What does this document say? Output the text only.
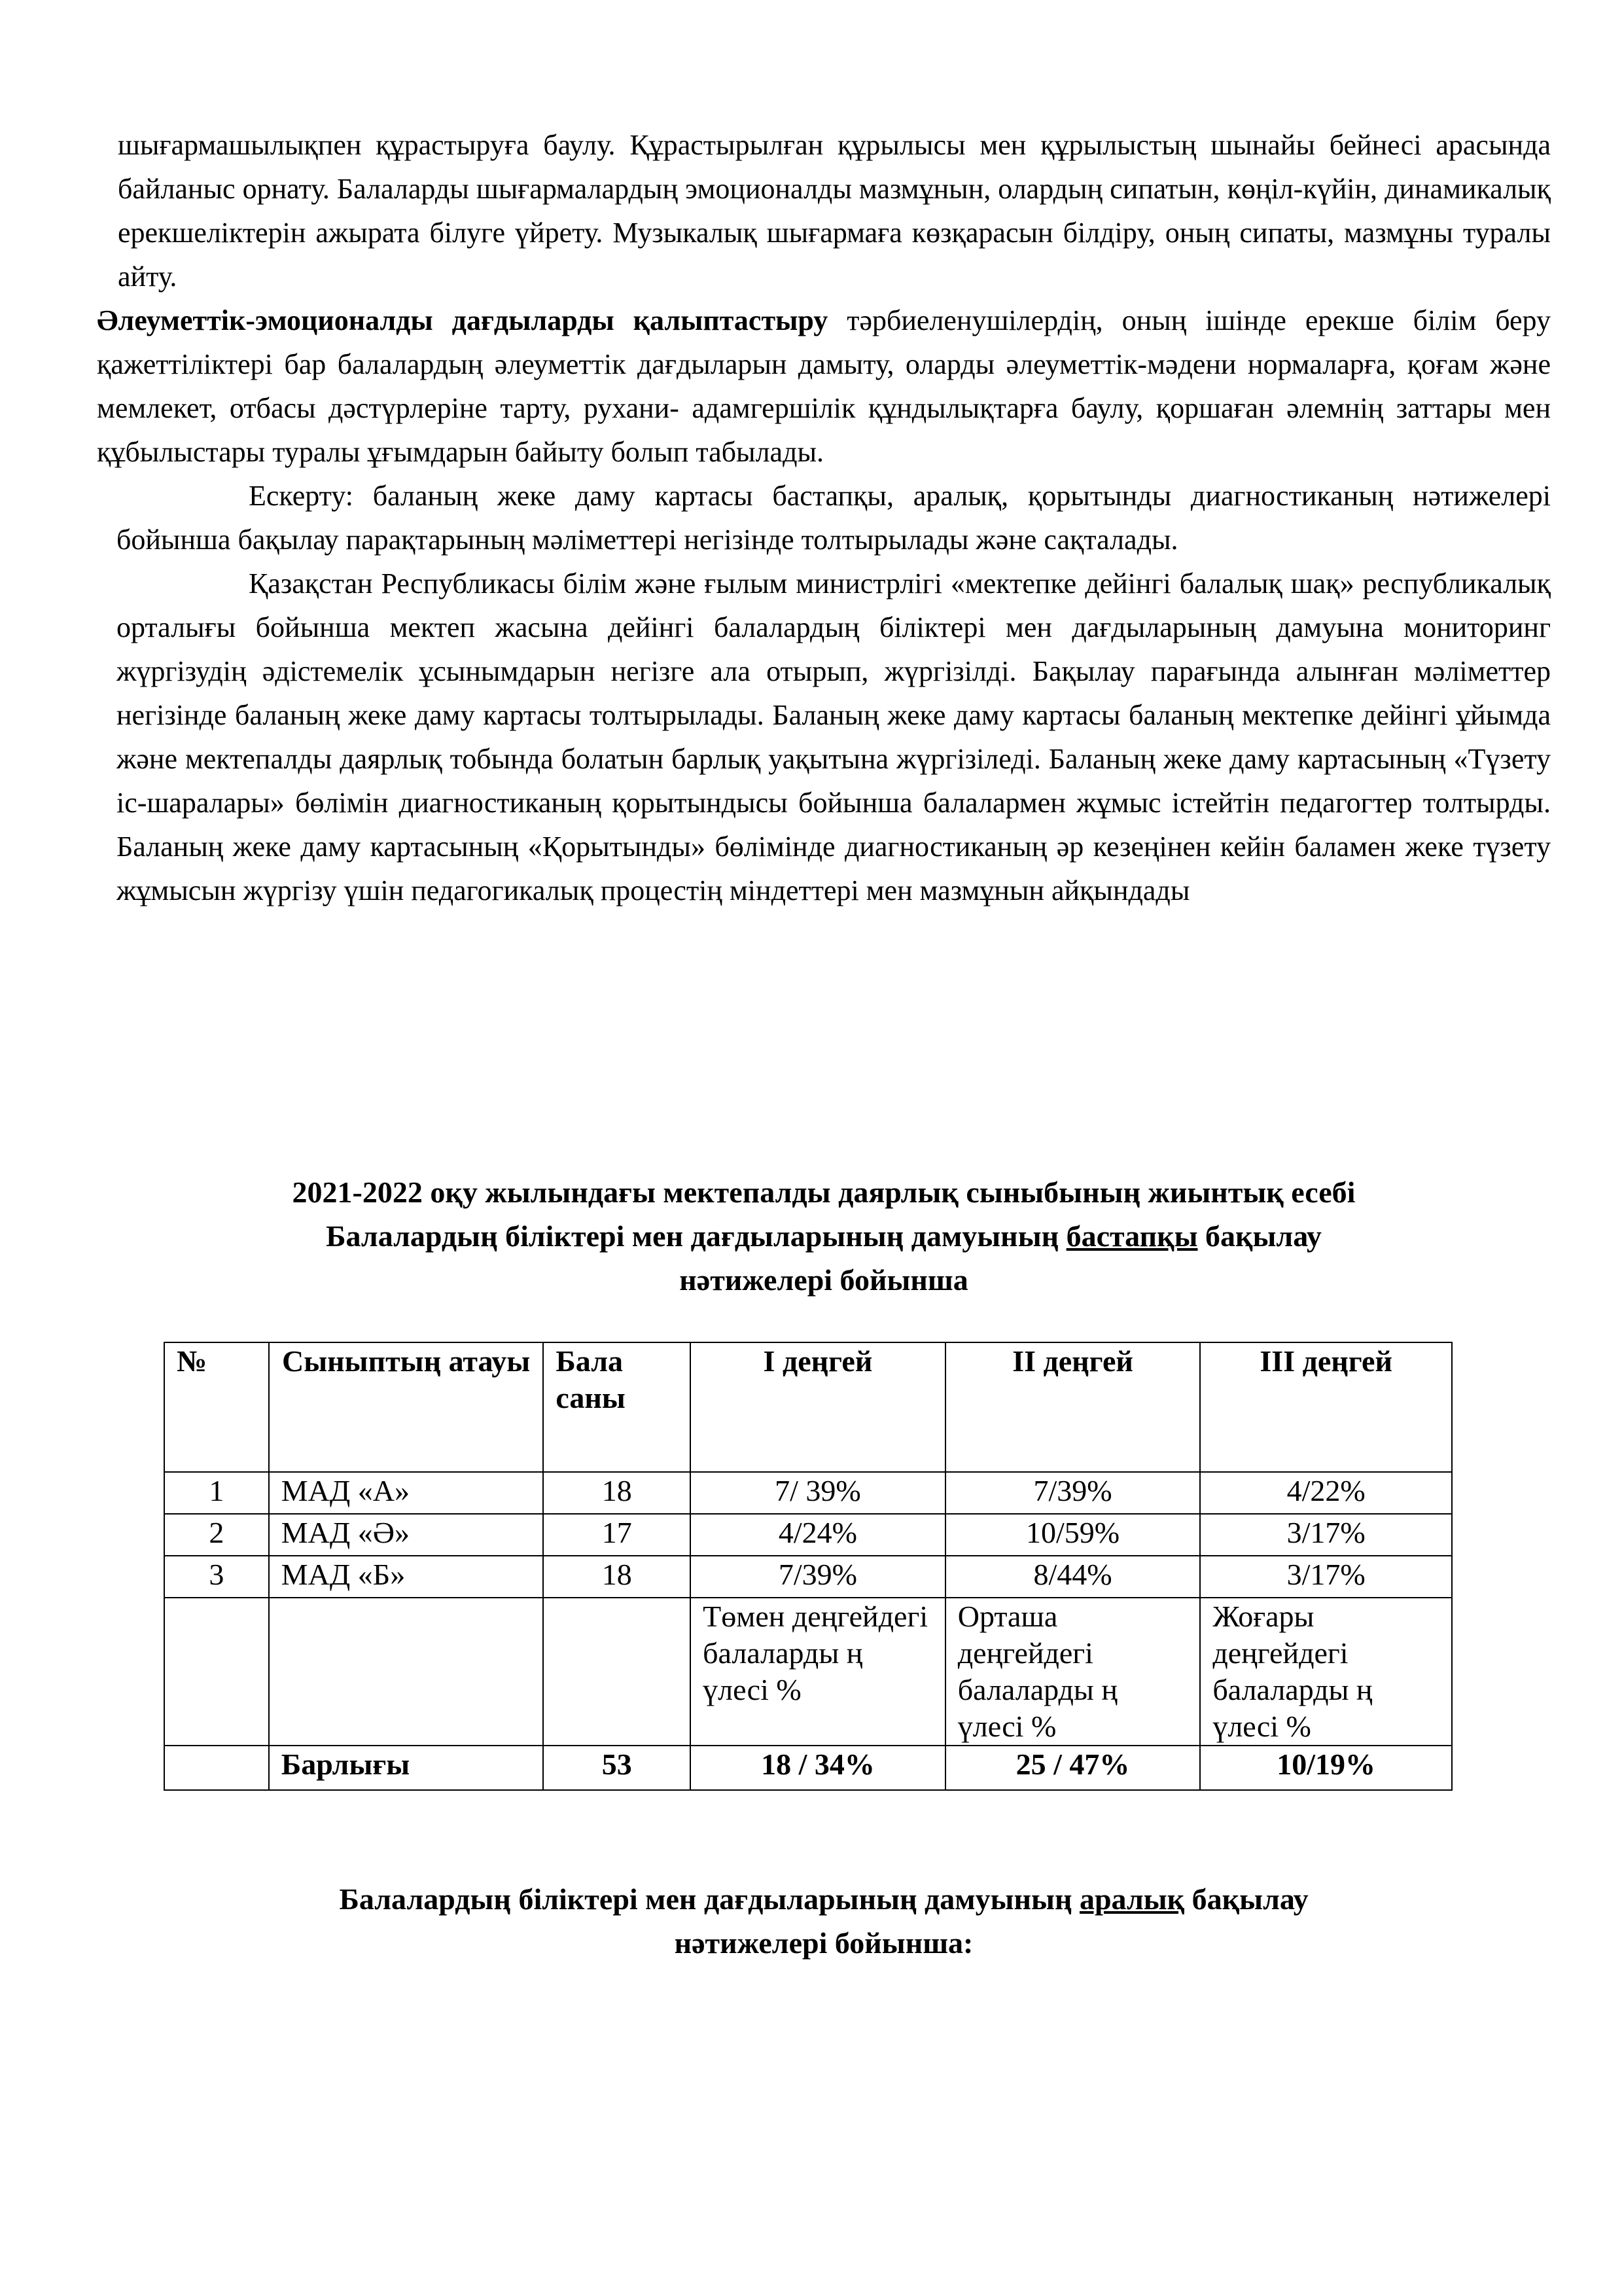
шығармашылықпен құрастыруға баулу. Құрастырылған құрылысы мен құрылыстың шынайы бейнесі арасында байланыс орнату. Балаларды шығармалардың эмоционалды мазмұнын, олардың сипатын, көңіл-күйін, динамикалық ерекшеліктерін ажырата білуге үйрету. Музыкалық шығармаға көзқарасын білдіру, оның сипаты, мазмұны туралы айту.

Әлеуметтік-эмоционалды дағдыларды қалыптастыру тәрбиеленушілердің, оның ішінде ерекше білім беру қажеттіліктері бар балалардың әлеуметтік дағдыларын дамыту, оларды әлеуметтік-мәдени нормаларға, қоғам және мемлекет, отбасы дәстүрлеріне тарту, рухани- адамгершілік құндылықтарға баулу, қоршаған әлемнің заттары мен құбылыстары туралы ұғымдарын байыту болып табылады.

Ескерту: баланың жеке даму картасы бастапқы, аралық, қорытынды диагностиканың нәтижелері бойынша бақылау парақтарының мәліметтері негізінде толтырылады және сақталады.

Қазақстан Республикасы білім және ғылым министрлігі «мектепке дейінгі балалық шақ» республикалық орталығы бойынша мектеп жасына дейінгі балалардың біліктері мен дағдыларының дамуына мониторинг жүргізудің әдістемелік ұсынымдарын негізге ала отырып, жүргізілді. Бақылау парағында алынған мәліметтер негізінде баланың жеке даму картасы толтырылады. Баланың жеке даму картасы баланың мектепке дейінгі ұйымда және мектепалды даярлық тобында болатын барлық уақытына жүргізіледі. Баланың жеке даму картасының «Түзету іс-шаралары» бөлімін диагностиканың қорытындысы бойынша балалармен жұмыс істейтін педагогтер толтырды. Баланың жеке даму картасының «Қорытынды» бөлімінде диагностиканың әр кезеңінен кейін баламен жеке түзету жұмысын жүргізу үшін педагогикалық процестің міндеттері мен мазмұнын айқындады

2021-2022 оқу жылындағы мектепалды даярлық сыныбының жиынтық есебі
Балалардың біліктері мен дағдыларының дамуының бастапқы бақылау
нәтижелері бойынша
№	Сыныптың атауы	Бала саны	І деңгей	ІІ деңгей	ІІІ деңгей
1	МАД «А»	18	7/ 39%	7/39%	4/22%
2	МАД «Ә»	17	4/24%	10/59%	3/17%
3	МАД «Б»	18	7/39%	8/44%	3/17%
			Төмен деңгейдегі балаларды ң үлесі %	Орташа деңгейдегі балаларды ң үлесі %	Жоғары деңгейдегі балаларды ң үлесі %
	Барлығы	53	18 / 34%	25 / 47%	10/19%
Балалардың біліктері мен дағдыларының дамуының аралық бақылау
нәтижелері бойынша:
